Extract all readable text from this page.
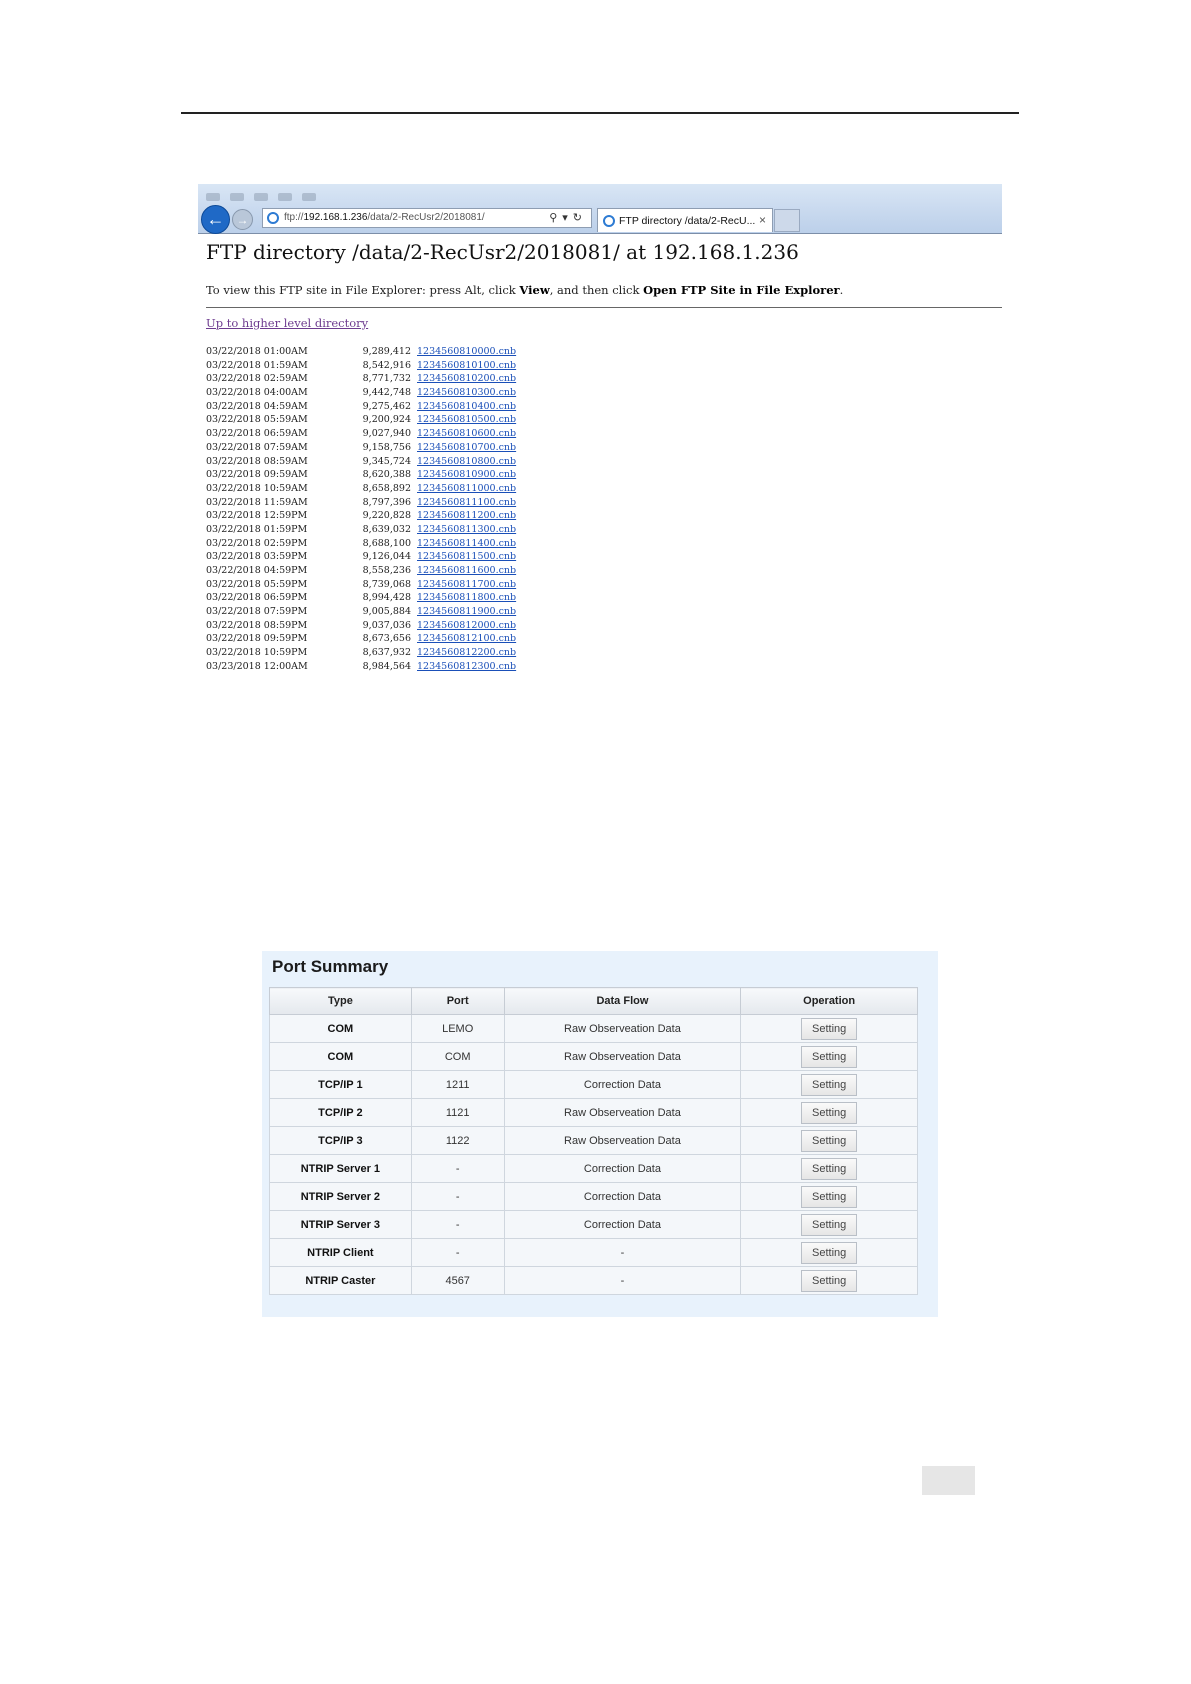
←	→	ftp://192.168.1.236/data/2-RecUsr2/2018081/	⚲▾↻	FTP directory /data/2-RecU... ×
FTP directory /data/2-RecUsr2/2018081/ at 192.168.1.236
To view this FTP site in File Explorer: press Alt, click View, and then click Open FTP Site in File Explorer.
Up to higher level directory
03/22/2018 01:00AM	9,289,412 1234560810000.cnb
03/22/2018 01:59AM	8,542,916 1234560810100.cnb
03/22/2018 02:59AM	8,771,732 1234560810200.cnb
03/22/2018 04:00AM	9,442,748 1234560810300.cnb
03/22/2018 04:59AM	9,275,462 1234560810400.cnb
03/22/2018 05:59AM	9,200,924 1234560810500.cnb
03/22/2018 06:59AM	9,027,940 1234560810600.cnb
03/22/2018 07:59AM	9,158,756 1234560810700.cnb
03/22/2018 08:59AM	9,345,724 1234560810800.cnb
03/22/2018 09:59AM	8,620,388 1234560810900.cnb
03/22/2018 10:59AM	8,658,892 1234560811000.cnb
03/22/2018 11:59AM	8,797,396 1234560811100.cnb
03/22/2018 12:59PM	9,220,828 1234560811200.cnb
03/22/2018 01:59PM	8,639,032 1234560811300.cnb
03/22/2018 02:59PM	8,688,100 1234560811400.cnb
03/22/2018 03:59PM	9,126,044 1234560811500.cnb
03/22/2018 04:59PM	8,558,236 1234560811600.cnb
03/22/2018 05:59PM	8,739,068 1234560811700.cnb
03/22/2018 06:59PM	8,994,428 1234560811800.cnb
03/22/2018 07:59PM	9,005,884 1234560811900.cnb
03/22/2018 08:59PM	9,037,036 1234560812000.cnb
03/22/2018 09:59PM	8,673,656 1234560812100.cnb
03/22/2018 10:59PM	8,637,932 1234560812200.cnb
03/23/2018 12:00AM	8,984,564 1234560812300.cnb
Port Summary
Type	Port	Data Flow	Operation
COM	LEMO	Raw Observeation Data	Setting
COM	COM	Raw Observeation Data	Setting
TCP/IP 1	1211	Correction Data	Setting
TCP/IP 2	1121	Raw Observeation Data	Setting
TCP/IP 3	1122	Raw Observeation Data	Setting
NTRIP Server 1	-	Correction Data	Setting
NTRIP Server 2	-	Correction Data	Setting
NTRIP Server 3	-	Correction Data	Setting
NTRIP Client	-	-	Setting
NTRIP Caster	4567	-	Setting
